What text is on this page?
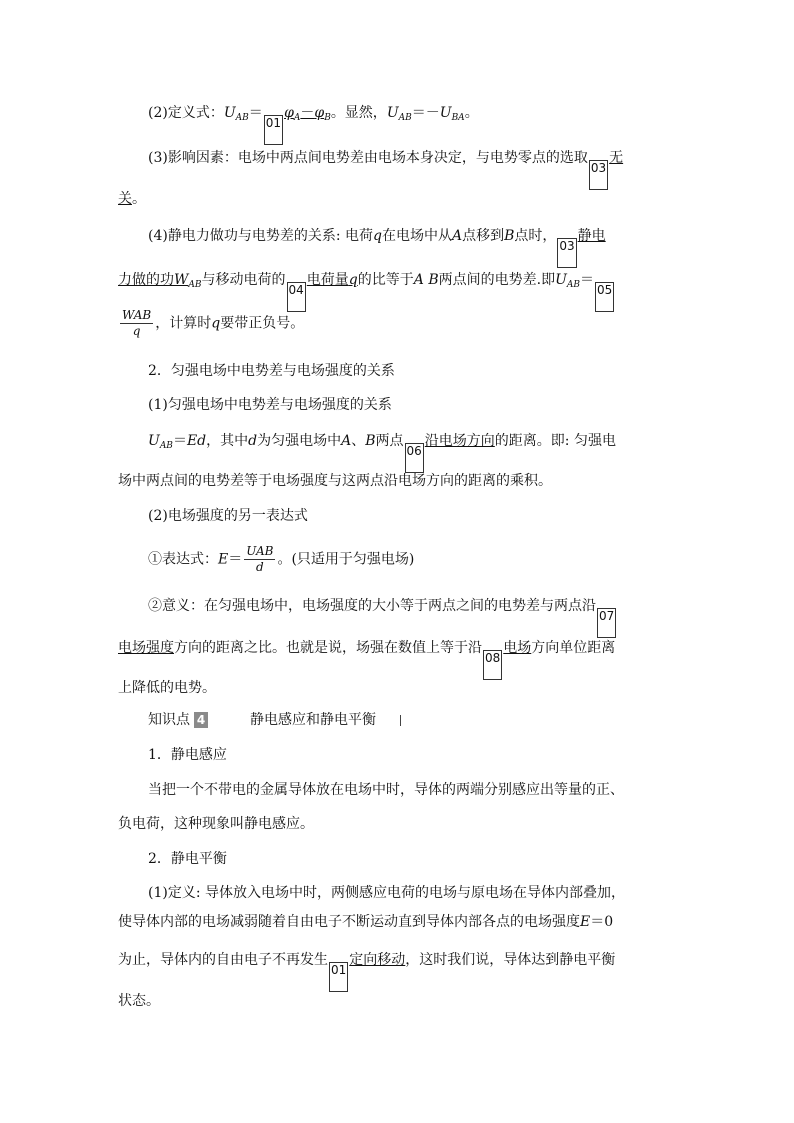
(2)定义式：$U_{AB}=01\varphi_A-\varphi_B$。显然，$U_{AB}=-U_{BA}$。
(3)影响因素：电场中两点间电势差由电场本身决定，与电势零点的选取03无
关。
(4)静电力做功与电势差的关系: 电荷q在电场中从A点移到B点时，03静电
力做的功$W_{AB}$与移动电荷的04电荷量q的比等于A B两点间的电势差.即$U_{AB}=05$
$\frac{\text{WAB}}{q}$ ，计算时q要带正负号。
2．匀强电场中电势差与电场强度的关系
(1)匀强电场中电势差与电场强度的关系
$U_{AB}=Ed$，其中d为匀强电场中A、B两点06沿电场方向的距离。即: 匀强电
场中两点间的电势差等于电场强度与这两点沿电场方向的距离的乘积。
(2)电场强度的另一表达式
①表达式：$E= \frac{\text{UAB}}{d}$ 。(只适用于匀强电场)
②意义：在匀强电场中，电场强度的大小等于两点之间的电势差与两点沿07
电场强度方向的距离之比。也就是说，场强在数值上等于沿08电场方向单位距离
上降低的电势。
知识点 4	静电感应和静电平衡
1．静电感应
当把一个不带电的金属导体放在电场中时，导体的两端分别感应出等量的正、
负电荷，这种现象叫静电感应。
2．静电平衡
(1)定义: 导体放入电场中时，两侧感应电荷的电场与原电场在导体内部叠加，
使导体内部的电场减弱随着自由电子不断运动直到导体内部各点的电场强度E＝0
为止，导体内的自由电子不再发生01定向移动，这时我们说，导体达到静电平衡
状态。
